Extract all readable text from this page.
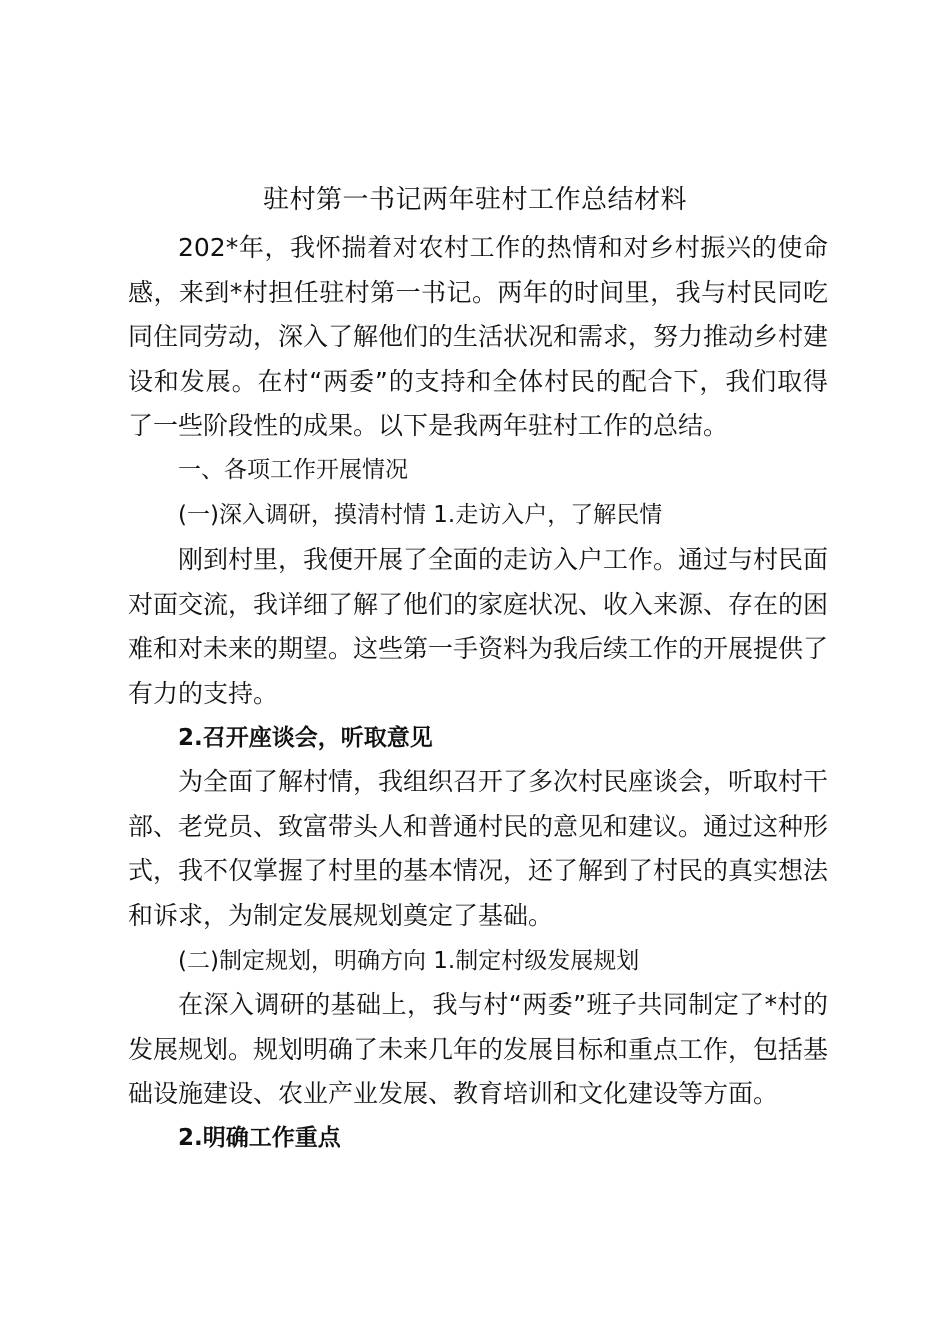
驻村第一书记两年驻村工作总结材料

202*年，我怀揣着对农村工作的热情和对乡村振兴的使命感，来到*村担任驻村第一书记。两年的时间里，我与村民同吃同住同劳动，深入了解他们的生活状况和需求，努力推动乡村建设和发展。在村“两委”的支持和全体村民的配合下，我们取得了一些阶段性的成果。以下是我两年驻村工作的总结。

一、各项工作开展情况

(一)深入调研，摸清村情 1.走访入户，了解民情

刚到村里，我便开展了全面的走访入户工作。通过与村民面对面交流，我详细了解了他们的家庭状况、收入来源、存在的困难和对未来的期望。这些第一手资料为我后续工作的开展提供了有力的支持。

2.召开座谈会，听取意见

为全面了解村情，我组织召开了多次村民座谈会，听取村干部、老党员、致富带头人和普通村民的意见和建议。通过这种形式，我不仅掌握了村里的基本情况，还了解到了村民的真实想法和诉求，为制定发展规划奠定了基础。

(二)制定规划，明确方向 1.制定村级发展规划

在深入调研的基础上，我与村“两委”班子共同制定了*村的发展规划。规划明确了未来几年的发展目标和重点工作，包括基础设施建设、农业产业发展、教育培训和文化建设等方面。

2.明确工作重点
